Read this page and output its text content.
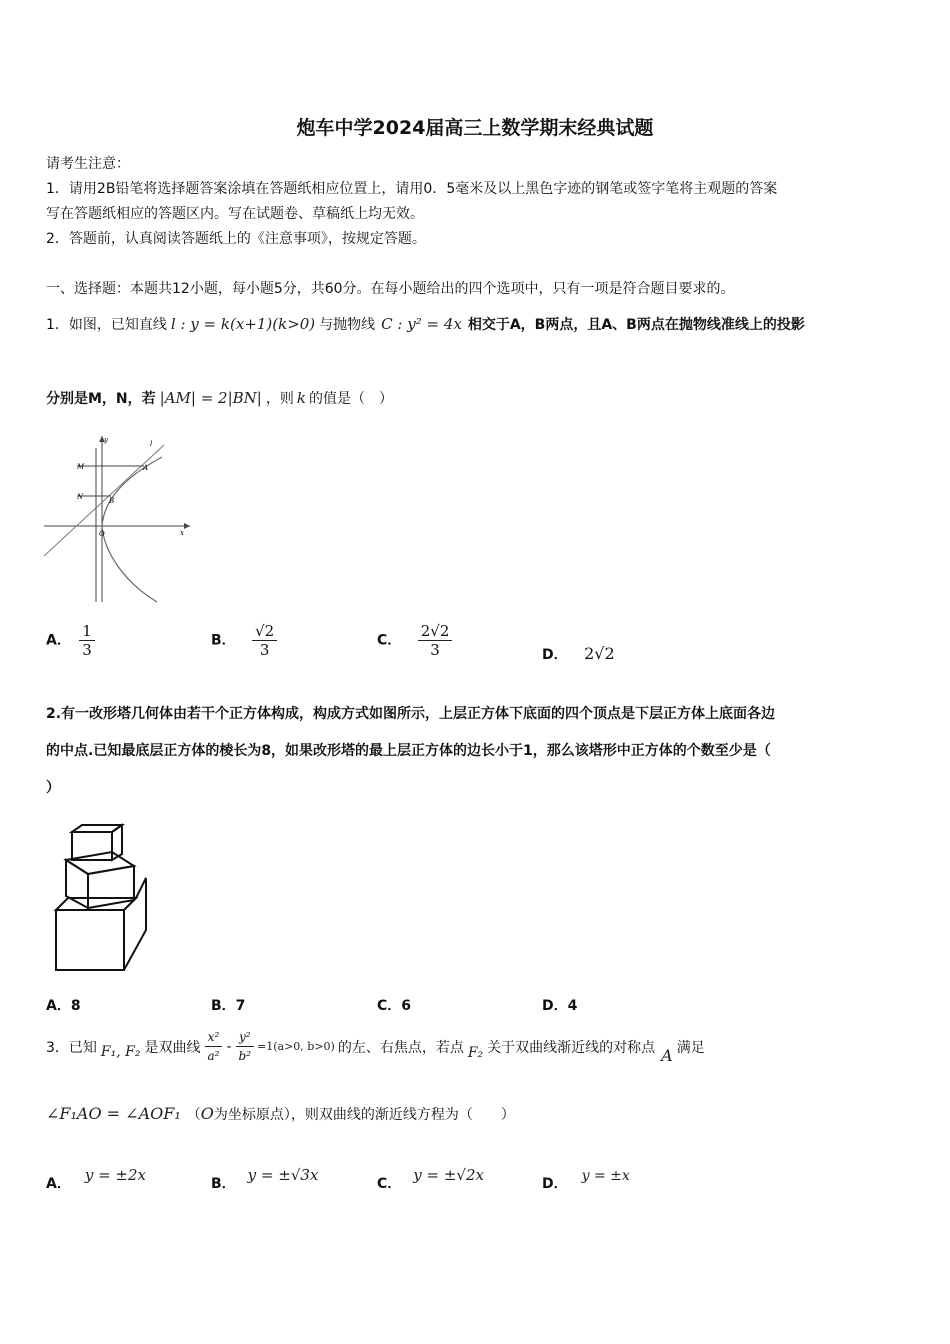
炮车中学2024届高三上数学期末经典试题
请考生注意：
1．请用2B铅笔将选择题答案涂填在答题纸相应位置上，请用0．5毫米及以上黑色字迹的钢笔或签字笔将主观题的答案
写在答题纸相应的答题区内。写在试题卷、草稿纸上均无效。
2．答题前，认真阅读答题纸上的《注意事项》，按规定答题。
一、选择题：本题共12小题，每小题5分，共60分。在每小题给出的四个选项中，只有一项是符合题目要求的。
1．如图，已知直线 l : y = k(x+1)(k>0) 与抛物线 C : y² = 4x 相交于A，B两点，且A、B两点在抛物线准线上的投影
分别是M，N，若 |AM| = 2|BN| ，则 k 的值是（　）
y	l
M	A
N	B
O	x
A． $\frac{1}{3}$	B． $\frac{√2}{3}$	C． $\frac{2√2}{3}$	D． 2√2
2.有一改形塔几何体由若干个正方体构成，构成方式如图所示，上层正方体下底面的四个顶点是下层正方体上底面各边
的中点.已知最底层正方体的棱长为8，如果改形塔的最上层正方体的边长小于1，那么该塔形中正方体的个数至少是（
）
A．8	B．7	C．6	D．4
3．已知 F₁, F₂ 是双曲线 $\frac{\text{x²}}{\text{a²}} - \frac{\text{y²}}{\text{b²}} =1(a>0$, b>0) 的左、右焦点，若点 F₂ 关于双曲线渐近线的对称点 A 满足
∠F₁AO = ∠AOF₁ （O为坐标原点），则双曲线的渐近线方程为（　　）
A． y = ±2x	B． y = ±√3x	C． y = ±√2x	D． y = ±x
